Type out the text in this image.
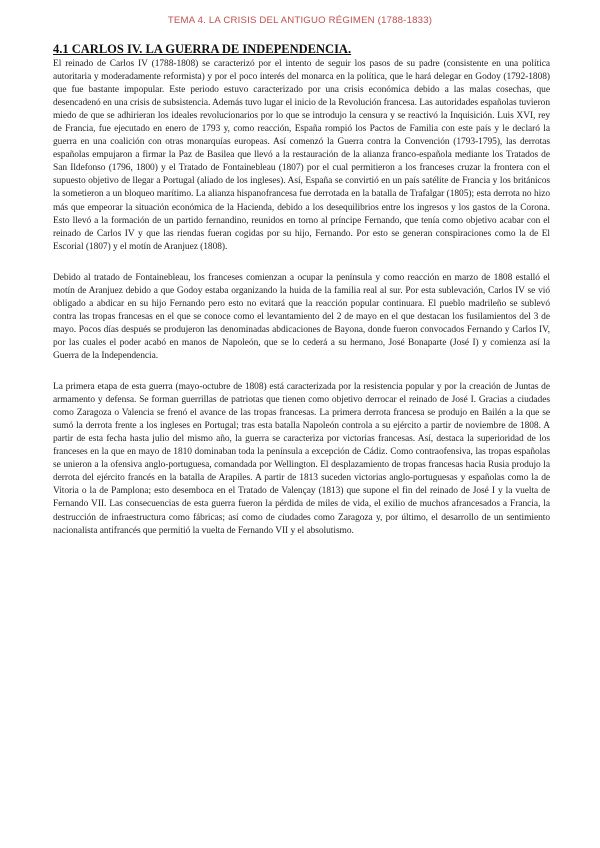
TEMA 4. LA CRISIS DEL ANTIGUO RÉGIMEN (1788-1833)
4.1 CARLOS IV. LA GUERRA DE INDEPENDENCIA.

El reinado de Carlos IV (1788-1808) se caracterizó por el intento de seguir los pasos de su padre (consistente en una política autoritaria y moderadamente reformista) y por el poco interés del monarca en la política, que le hará delegar en Godoy (1792-1808) que fue bastante impopular. Este periodo estuvo caracterizado por una crisis económica debido a las malas cosechas, que desencadenó en una crisis de subsistencia. Además tuvo lugar el inicio de la Revolución francesa. Las autoridades españolas tuvieron miedo de que se adhirieran los ideales revolucionarios por lo que se introdujo la censura y se reactivó la Inquisición. Luis XVI, rey de Francia, fue ejecutado en enero de 1793 y, como reacción, España rompió los Pactos de Familia con este país y le declaró la guerra en una coalición con otras monarquías europeas. Así comenzó la Guerra contra la Convención (1793-1795), las derrotas españolas empujaron a firmar la Paz de Basilea que llevó a la restauración de la alianza franco-española mediante los Tratados de San Ildefonso (1796, 1800) y el Tratado de Fontainebleau (1807) por el cual permitieron a los franceses cruzar la frontera con el supuesto objetivo de llegar a Portugal (aliado de los ingleses). Así, España se convirtió en un país satélite de Francia y los británicos la sometieron a un bloqueo marítimo. La alianza hispanofrancesa fue derrotada en la batalla de Trafalgar (1805); esta derrota no hizo más que empeorar la situación económica de la Hacienda, debido a los desequilibrios entre los ingresos y los gastos de la Corona. Esto llevó a la formación de un partido fernandino, reunidos en torno al príncipe Fernando, que tenía como objetivo acabar con el reinado de Carlos IV y que las riendas fueran cogidas por su hijo, Fernando. Por esto se generan conspiraciones como la de El Escorial (1807) y el motín de Aranjuez (1808).

Debido al tratado de Fontainebleau, los franceses comienzan a ocupar la península y como reacción en marzo de 1808 estalló el motín de Aranjuez debido a que Godoy estaba organizando la huida de la familia real al sur. Por esta sublevación, Carlos IV se vió obligado a abdicar en su hijo Fernando pero esto no evitará que la reacción popular continuara. El pueblo madrileño se sublevó contra las tropas francesas en el que se conoce como el levantamiento del 2 de mayo en el que destacan los fusilamientos del 3 de mayo. Pocos días después se produjeron las denominadas abdicaciones de Bayona, donde fueron convocados Fernando y Carlos IV, por las cuales el poder acabó en manos de Napoleón, que se lo cederá a su hermano, José Bonaparte (José I) y comienza así la Guerra de la Independencia.

La primera etapa de esta guerra (mayo-octubre de 1808) está caracterizada por la resistencia popular y por la creación de Juntas de armamento y defensa. Se forman guerrillas de patriotas que tienen como objetivo derrocar el reinado de José I. Gracias a ciudades como Zaragoza o Valencia se frenó el avance de las tropas francesas. La primera derrota francesa se produjo en Bailén a la que se sumó la derrota frente a los ingleses en Portugal; tras esta batalla Napoleón controla a su ejército a partir de noviembre de 1808. A partir de esta fecha hasta julio del mismo año, la guerra se caracteriza por victorias francesas. Así, destaca la superioridad de los franceses en la que en mayo de 1810 dominaban toda la península a excepción de Cádiz. Como contraofensiva, las tropas españolas se unieron a la ofensiva anglo-portuguesa, comandada por Wellington. El desplazamiento de tropas francesas hacia Rusia produjo la derrota del ejército francés en la batalla de Arapiles. A partir de 1813 suceden victorias anglo-portuguesas y españolas como la de Vitoria o la de Pamplona; esto desemboca en el Tratado de Valençay (1813) que supone el fin del reinado de José I y la vuelta de Fernando VII. Las consecuencias de esta guerra fueron la pérdida de miles de vida, el exilio de muchos afrancesados a Francia, la destrucción de infraestructura como fábricas; así como de ciudades como Zaragoza y, por último, el desarrollo de un sentimiento nacionalista antifrancés que permitió la vuelta de Fernando VII y el absolutismo.
